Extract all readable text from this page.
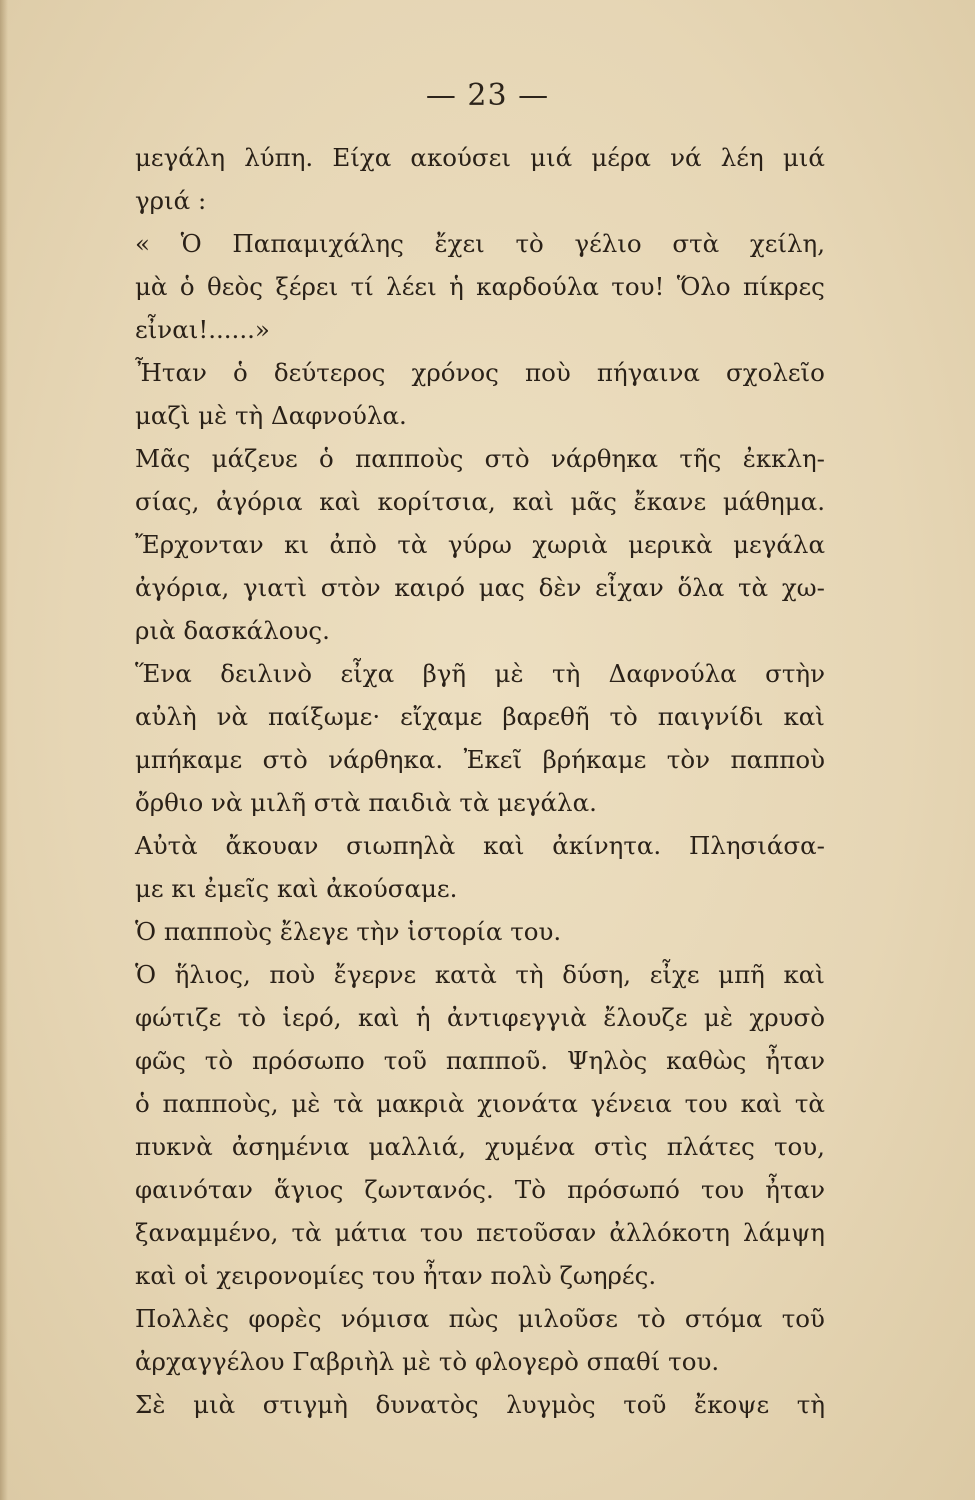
— 23 —
μεγάλη λύπη. Είχα ακούσει μιά μέρα νά λέη μιά
γριά :
« Ὁ Παπαμιχάλης ἔχει τὸ γέλιο στὰ χείλη,
μὰ ὁ θεὸς ξέρει τί λέει ἡ καρδούλα του! Ὅλο πίκρες
εἶναι!......»
Ἦταν ὁ δεύτερος χρόνος ποὺ πήγαινα σχολεῖο
μαζὶ μὲ τὴ Δαφνούλα.
Μᾶς μάζευε ὁ παπποὺς στὸ νάρθηκα τῆς ἐκκλη-
σίας, ἀγόρια καὶ κορίτσια, καὶ μᾶς ἔκανε μάθημα.
Ἔρχονταν κι ἀπὸ τὰ γύρω χωριὰ μερικὰ μεγάλα
ἀγόρια, γιατὶ στὸν καιρό μας δὲν εἶχαν ὅλα τὰ χω-
ριὰ δασκάλους.
Ἕνα δειλινὸ εἶχα βγῆ μὲ τὴ Δαφνούλα στὴν
αὐλὴ νὰ παίξωμε· εἴχαμε βαρεθῆ τὸ παιγνίδι καὶ
μπήκαμε στὸ νάρθηκα. Ἐκεῖ βρήκαμε τὸν παπποὺ
ὄρθιο νὰ μιλῆ στὰ παιδιὰ τὰ μεγάλα.
Αὐτὰ ἄκουαν σιωπηλὰ καὶ ἀκίνητα. Πλησιάσα-
με κι ἐμεῖς καὶ ἀκούσαμε.
Ὁ παπποὺς ἔλεγε τὴν ἱστορία του.
Ὁ ἥλιος, ποὺ ἔγερνε κατὰ τὴ δύση, εἶχε μπῆ καὶ
φώτιζε τὸ ἱερό, καὶ ἡ ἀντιφεγγιὰ ἔλουζε μὲ χρυσὸ
φῶς τὸ πρόσωπο τοῦ παπποῦ. Ψηλὸς καθὼς ἦταν
ὁ παπποὺς, μὲ τὰ μακριὰ χιονάτα γένεια του καὶ τὰ
πυκνὰ ἀσημένια μαλλιά, χυμένα στὶς πλάτες του,
φαινόταν ἅγιος ζωντανός. Τὸ πρόσωπό του ἦταν
ξαναμμένο, τὰ μάτια του πετοῦσαν ἀλλόκοτη λάμψη
καὶ οἱ χειρονομίες του ἦταν πολὺ ζωηρές.
Πολλὲς φορὲς νόμισα πὼς μιλοῦσε τὸ στόμα τοῦ
ἀρχαγγέλου Γαβριὴλ μὲ τὸ φλογερὸ σπαθί του.
Σὲ μιὰ στιγμὴ δυνατὸς λυγμὸς τοῦ ἔκοψε τὴ
